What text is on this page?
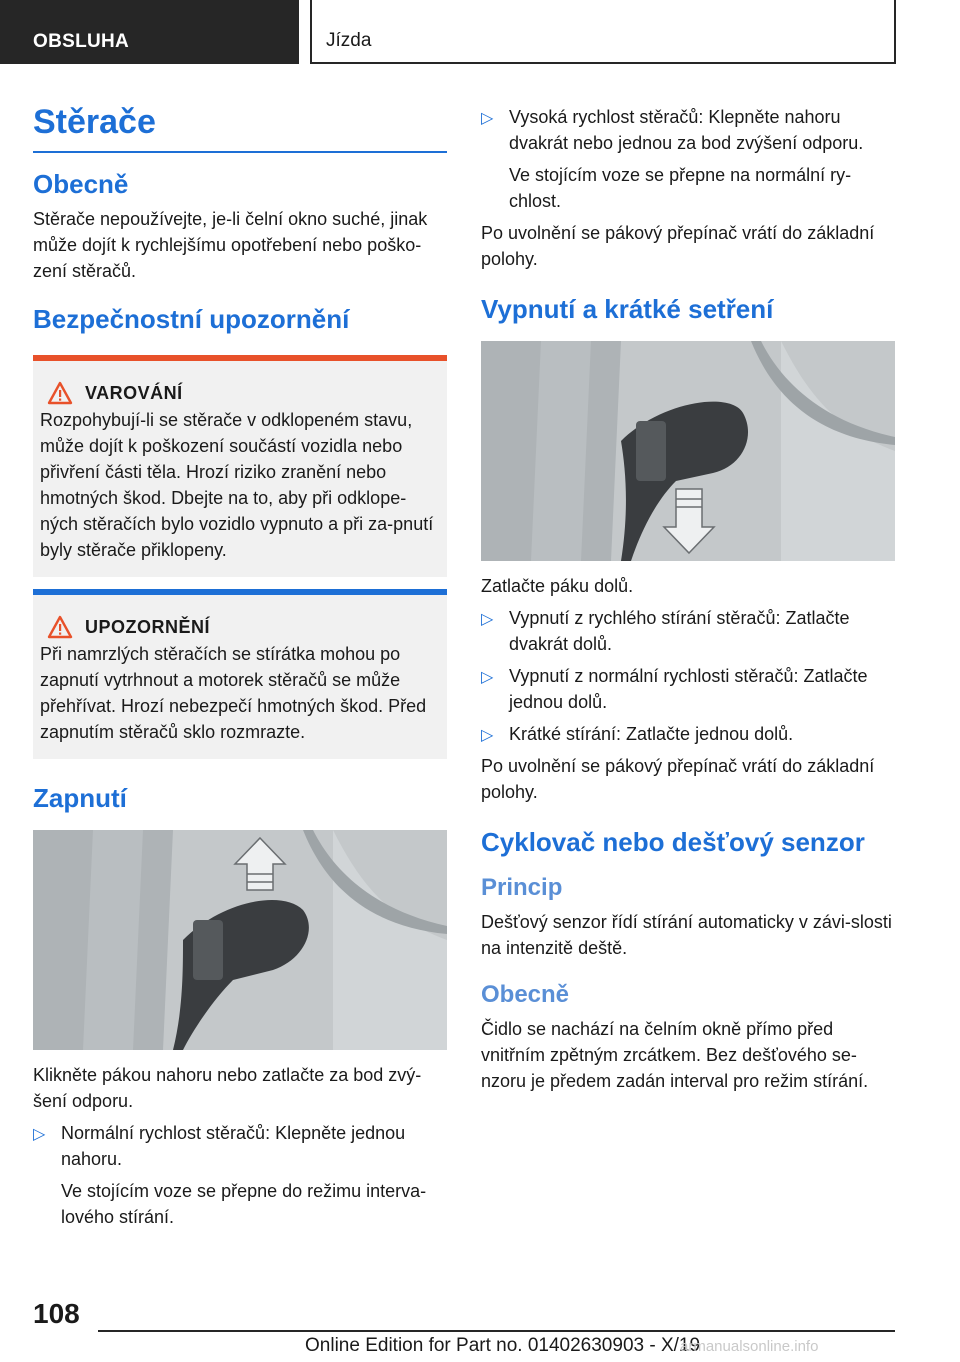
OBSLUHA	Jízda
Stěrače
Obecně

Stěrače nepoužívejte, je-li čelní okno suché, jinak může dojít k rychlejšímu opotřebení nebo poško-zení stěračů.

Bezpečnostní upozornění
VAROVÁNÍ

Rozpohybují-li se stěrače v odklopeném stavu, může dojít k poškození součástí vozidla nebo přivření části těla. Hrozí riziko zranění nebo hmotných škod. Dbejte na to, aby při odklope-ných stěračích bylo vozidlo vypnuto a při za-pnutí byly stěrače přiklopeny.

UPOZORNĚNÍ

Při namrzlých stěračích se stírátka mohou po zapnutí vytrhnout a motorek stěračů se může přehřívat. Hrozí nebezpečí hmotných škod. Před zapnutím stěračů sklo rozmrazte.

Zapnutí

Klikněte pákou nahoru nebo zatlačte za bod zvý-šení odporu.

▷ Normální rychlost stěračů: Klepněte jednou nahoru.

Ve stojícím voze se přepne do režimu interva-lového stírání.

▷ Vysoká rychlost stěračů: Klepněte nahoru dvakrát nebo jednou za bod zvýšení odporu.

Ve stojícím voze se přepne na normální ry-chlost.

Po uvolnění se pákový přepínač vrátí do základní polohy.

Vypnutí a krátké setření

Zatlačte páku dolů.

▷ Vypnutí z rychlého stírání stěračů: Zatlačte dvakrát dolů.
▷ Vypnutí z normální rychlosti stěračů: Zatlačte jednou dolů.
▷ Krátké stírání: Zatlačte jednou dolů.

Po uvolnění se pákový přepínač vrátí do základní polohy.

Cyklovač nebo dešťový senzor
Princip

Dešťový senzor řídí stírání automaticky v závi-slosti na intenzitě deště.

Obecně

Čidlo se nachází na čelním okně přímo před vnitřním zpětným zrcátkem. Bez dešťového se-nzoru je předem zadán interval pro režim stírání.

108
Online Edition for Part no. 01402630903 - X/19
armanualsonline.info
